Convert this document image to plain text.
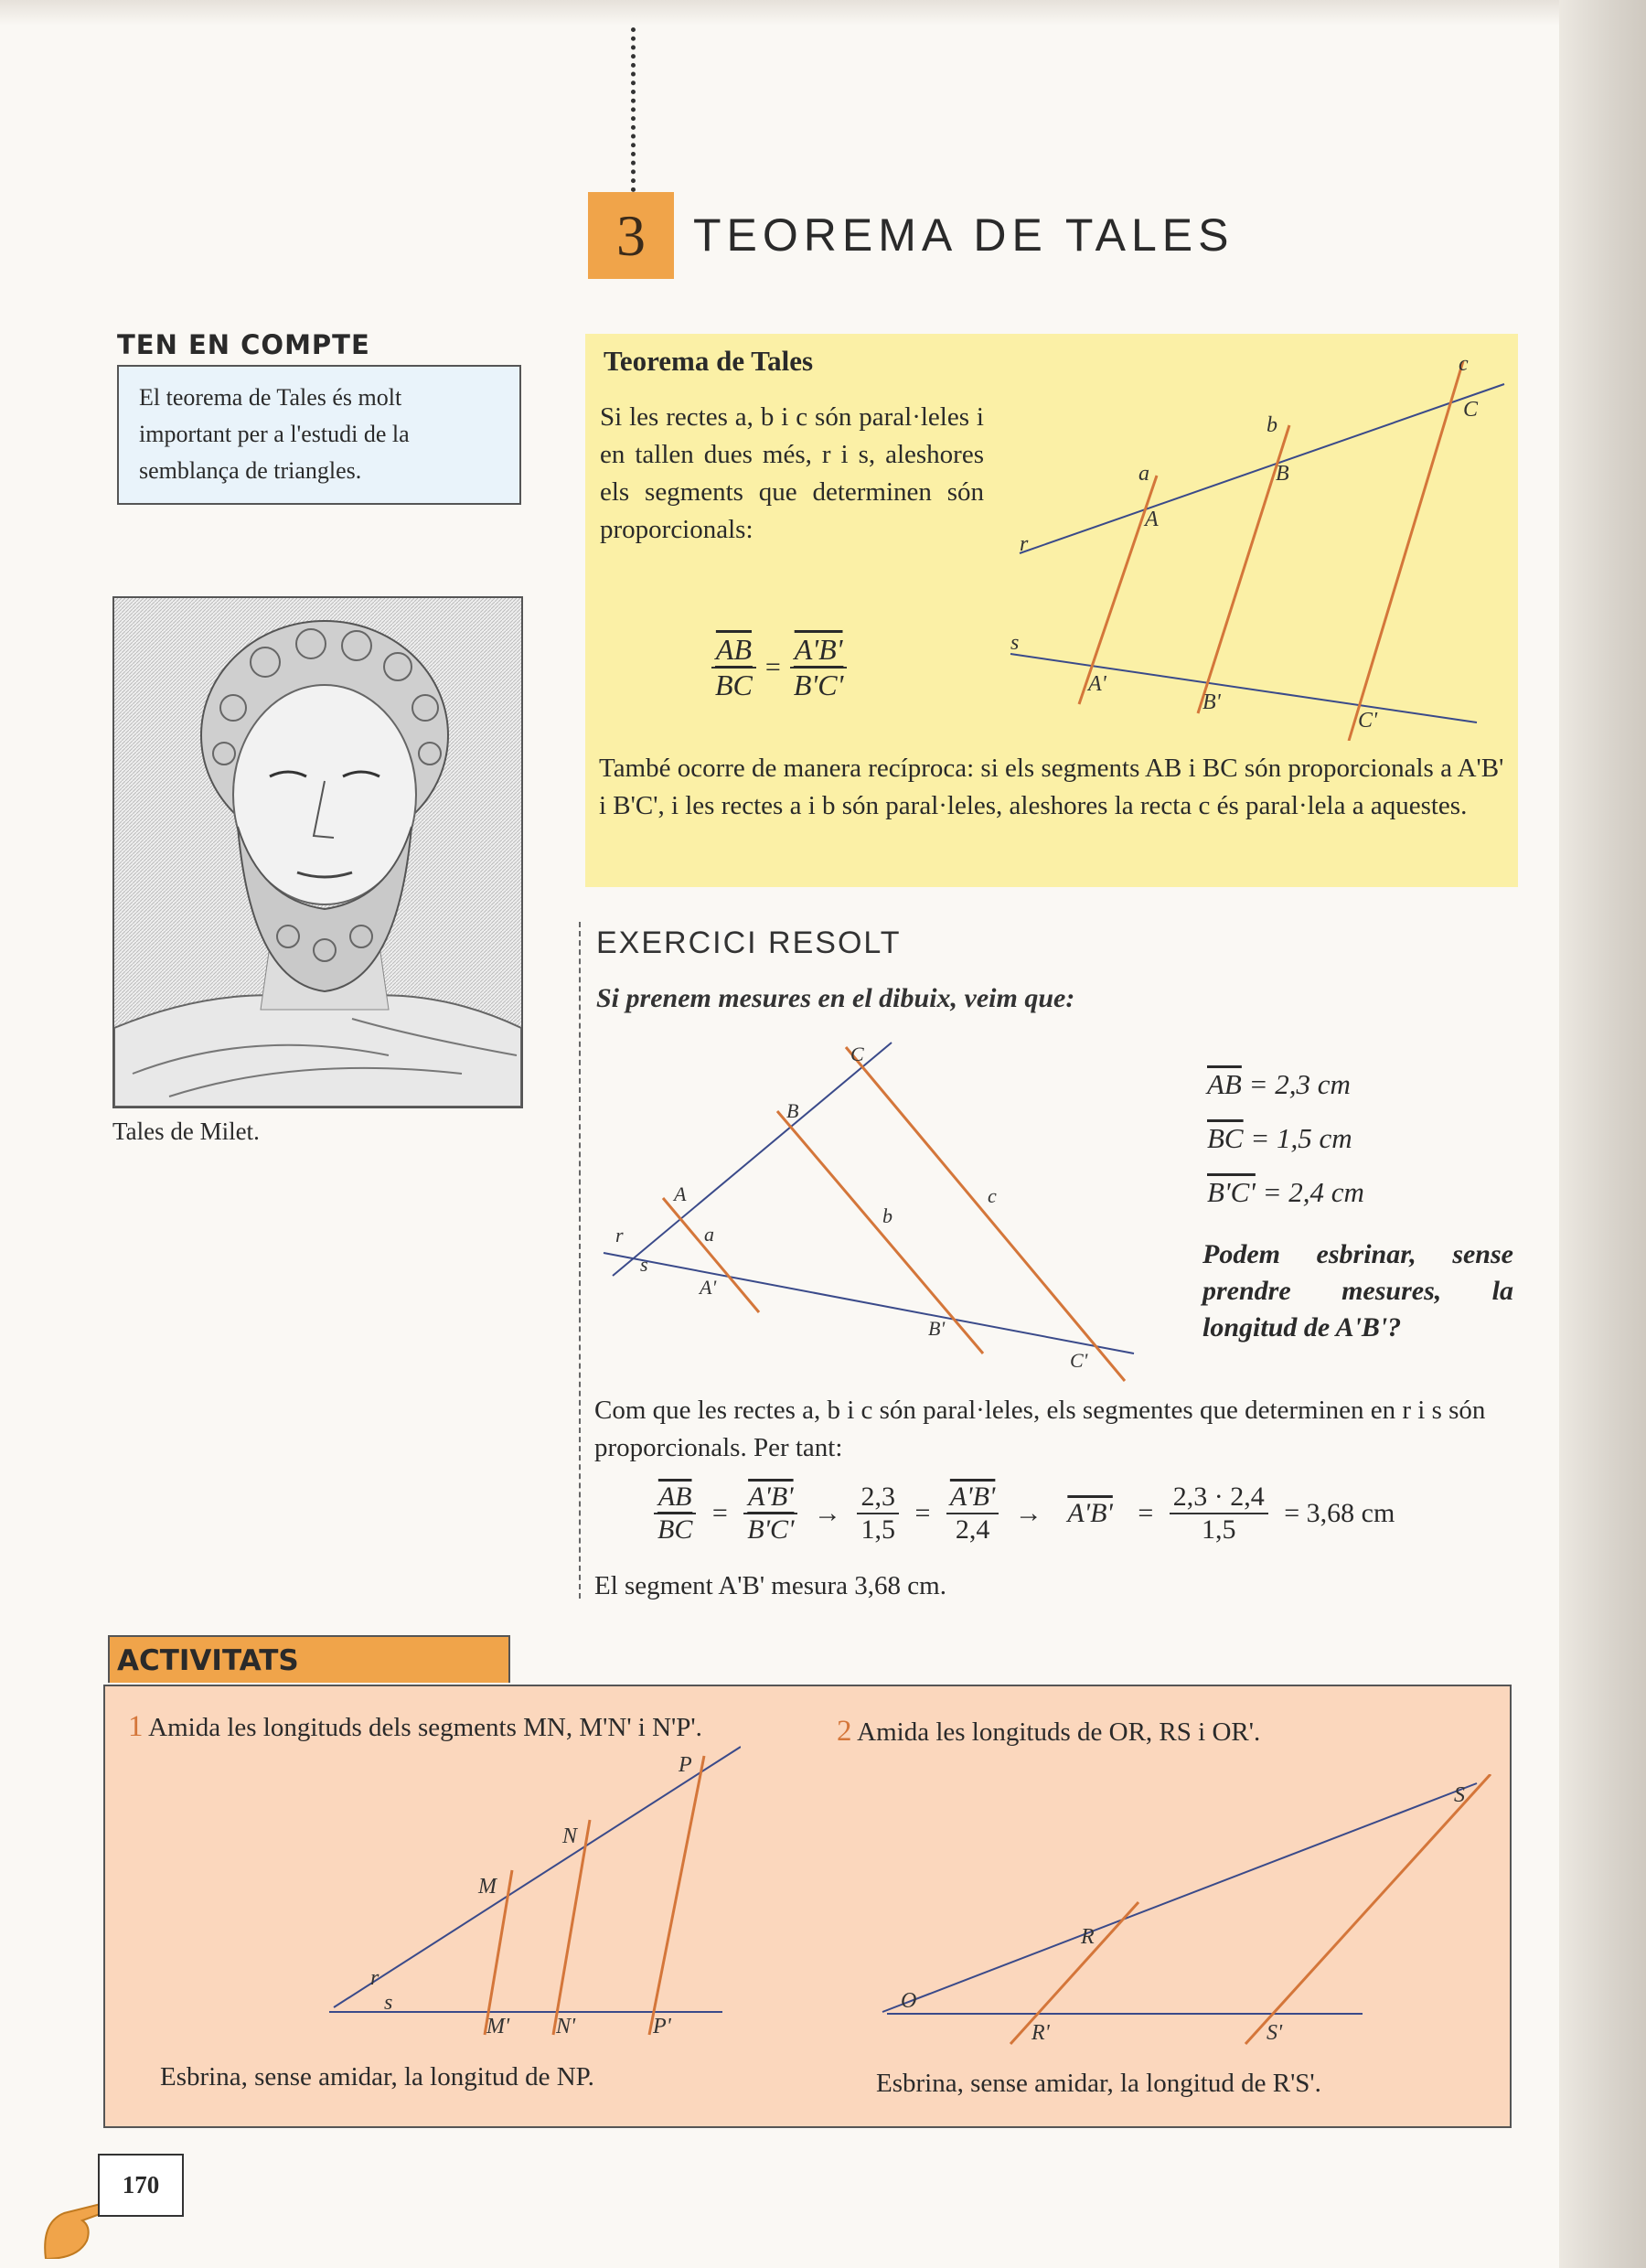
3	TEOREMA DE TALES
TEN EN COMPTE
El teorema de Tales és molt important per a l'estudi de la semblança de triangles.
Tales de Milet.
Teorema de Tales
Si les rectes a, b i c són paral·leles i en tallen dues més, r i s, aleshores els segments que determinen són proporcionals:
$\frac{\overline{AB}}{BC} = \frac{A'B'}{B'C'}$
a
b
c
r
s
A
B
C
A'
B'
C'
També ocorre de manera recíproca: si els segments AB i BC són proporcionals a A'B' i B'C', i les rectes a i b són paral·leles, aleshores la recta c és paral·lela a aquestes.
EXERCICI RESOLT
Si prenem mesures en el dibuix, veim que:
A
B
C
A'
B'
C'
a
b
c
r
s
$\overline{AB} = 2,3$ cm
$\overline{BC} = 1,5$ cm
B'C' = 2,4 cm
Podem esbrinar, sense prendre mesures, la longitud de A'B'?
Com que les rectes a, b i c són paral·leles, els segmentes que determinen en r i s són proporcionals. Per tant:
$\frac{\overline{AB}}{BC} = \frac{A'B'}{B'C'} \to \frac{2,3}{1,5} = \frac{A'B'}{2,4} \to A'B' = \frac{2,3 \cdot 2,4}{1,5} = 3,68$ cm
El segment A'B' mesura 3,68 cm.
ACTIVITATS
1 Amida les longituds dels segments MN, M'N' i N'P'.
M
N
P
M' N'	P'
r
s
Esbrina, sense amidar, la longitud de NP.
2 Amida les longituds de OR, RS i OR'.
O
R
S
R'	S'
Esbrina, sense amidar, la longitud de R'S'.
170
